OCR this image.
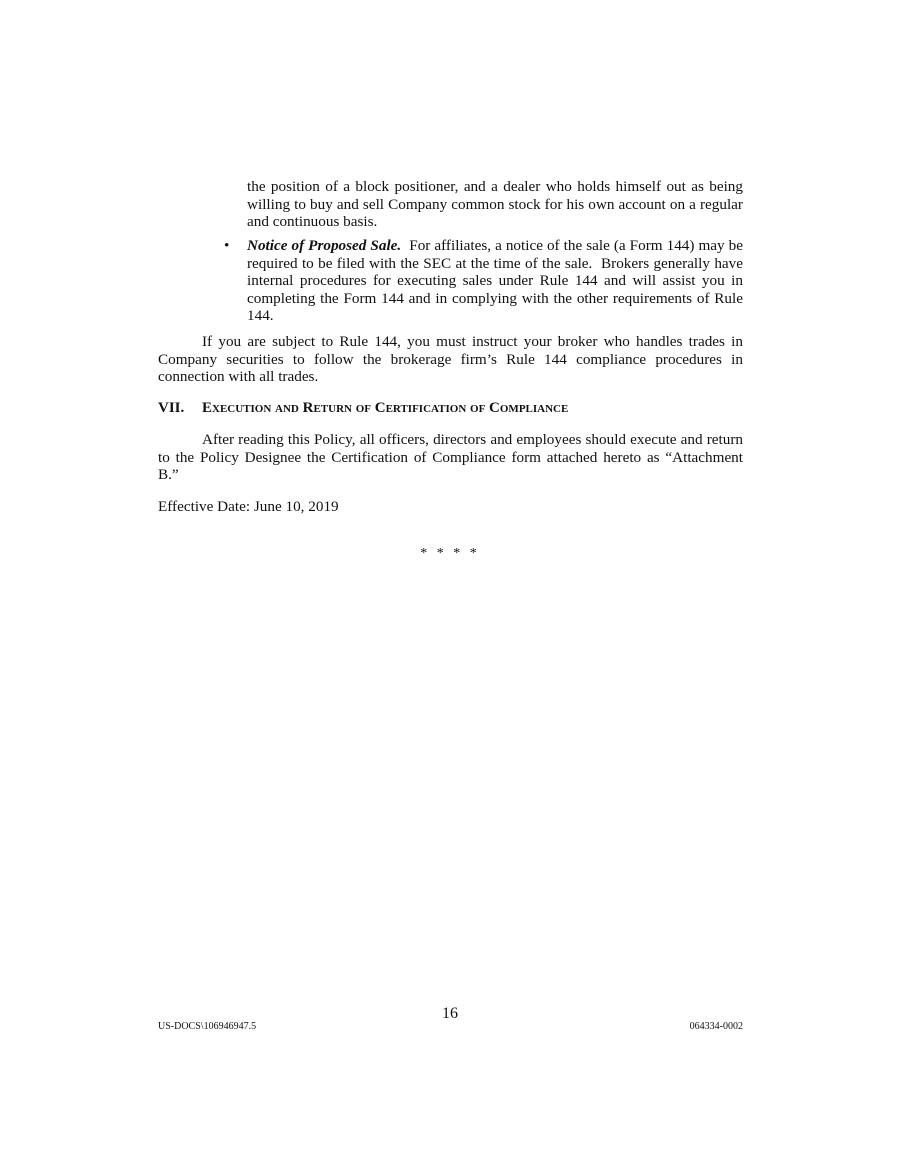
the position of a block positioner, and a dealer who holds himself out as being willing to buy and sell Company common stock for his own account on a regular and continuous basis.

• Notice of Proposed Sale.  For affiliates, a notice of the sale (a Form 144) may be required to be filed with the SEC at the time of the sale.  Brokers generally have internal procedures for executing sales under Rule 144 and will assist you in completing the Form 144 and in complying with the other requirements of Rule 144.

If you are subject to Rule 144, you must instruct your broker who handles trades in Company securities to follow the brokerage firm’s Rule 144 compliance procedures in connection with all trades.

VII. Execution and Return of Certification of Compliance

After reading this Policy, all officers, directors and employees should execute and return to the Policy Designee the Certification of Compliance form attached hereto as “Attachment B.”

Effective Date: June 10, 2019
* * * *
16
US-DOCS\106946947.5	064334-0002
